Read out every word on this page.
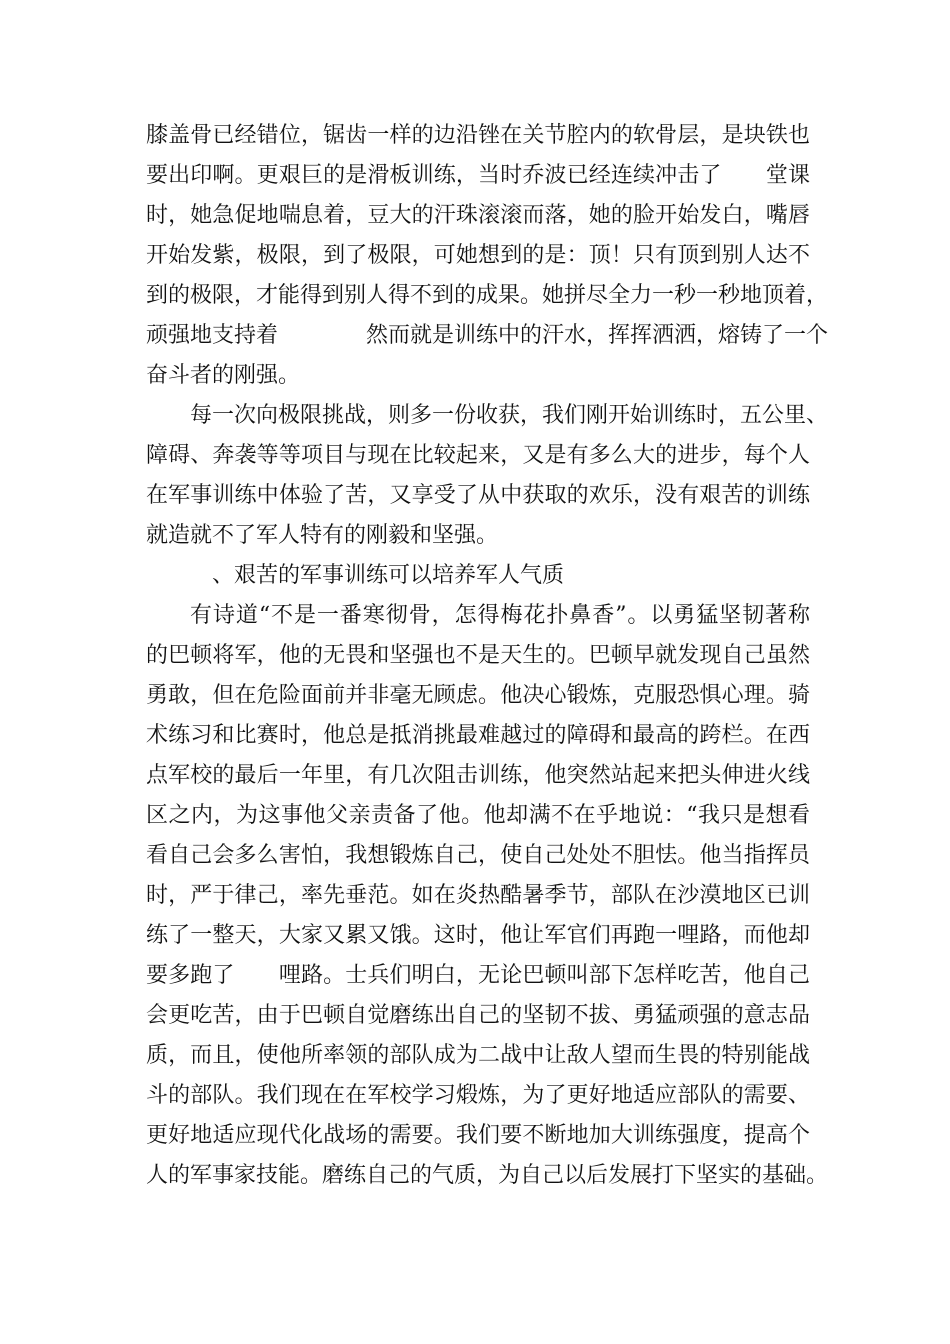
膝盖骨已经错位，锯齿一样的边沿锉在关节腔内的软骨层，是块铁也
要出印啊。更艰巨的是滑板训练，当时乔波已经连续冲击了　　堂课
时，她急促地喘息着，豆大的汗珠滚滚而落，她的脸开始发白，嘴唇
开始发紫，极限，到了极限，可她想到的是：顶！只有顶到别人达不
到的极限，才能得到别人得不到的成果。她拼尽全力一秒一秒地顶着，
顽强地支持着　　　　然而就是训练中的汗水，挥挥洒洒，熔铸了一个
奋斗者的刚强。
每一次向极限挑战，则多一份收获，我们刚开始训练时，五公里、
障碍、奔袭等等项目与现在比较起来，又是有多么大的进步，每个人
在军事训练中体验了苦，又享受了从中获取的欢乐，没有艰苦的训练
就造就不了军人特有的刚毅和坚强。
　、艰苦的军事训练可以培养军人气质
有诗道“不是一番寒彻骨，怎得梅花扑鼻香”。以勇猛坚韧著称
的巴顿将军，他的无畏和坚强也不是天生的。巴顿早就发现自己虽然
勇敢，但在危险面前并非毫无顾虑。他决心锻炼，克服恐惧心理。骑
术练习和比赛时，他总是抵消挑最难越过的障碍和最高的跨栏。在西
点军校的最后一年里，有几次阻击训练，他突然站起来把头伸进火线
区之内，为这事他父亲责备了他。他却满不在乎地说：“我只是想看
看自己会多么害怕，我想锻炼自己，使自己处处不胆怯。他当指挥员
时，严于律己，率先垂范。如在炎热酷暑季节，部队在沙漠地区已训
练了一整天，大家又累又饿。这时，他让军官们再跑一哩路，而他却
要多跑了　　哩路。士兵们明白，无论巴顿叫部下怎样吃苦，他自己
会更吃苦，由于巴顿自觉磨练出自己的坚韧不拔、勇猛顽强的意志品
质，而且，使他所率领的部队成为二战中让敌人望而生畏的特别能战
斗的部队。我们现在在军校学习煅炼，为了更好地适应部队的需要、
更好地适应现代化战场的需要。我们要不断地加大训练强度，提高个
人的军事家技能。磨练自己的气质，为自己以后发展打下坚实的基础。
